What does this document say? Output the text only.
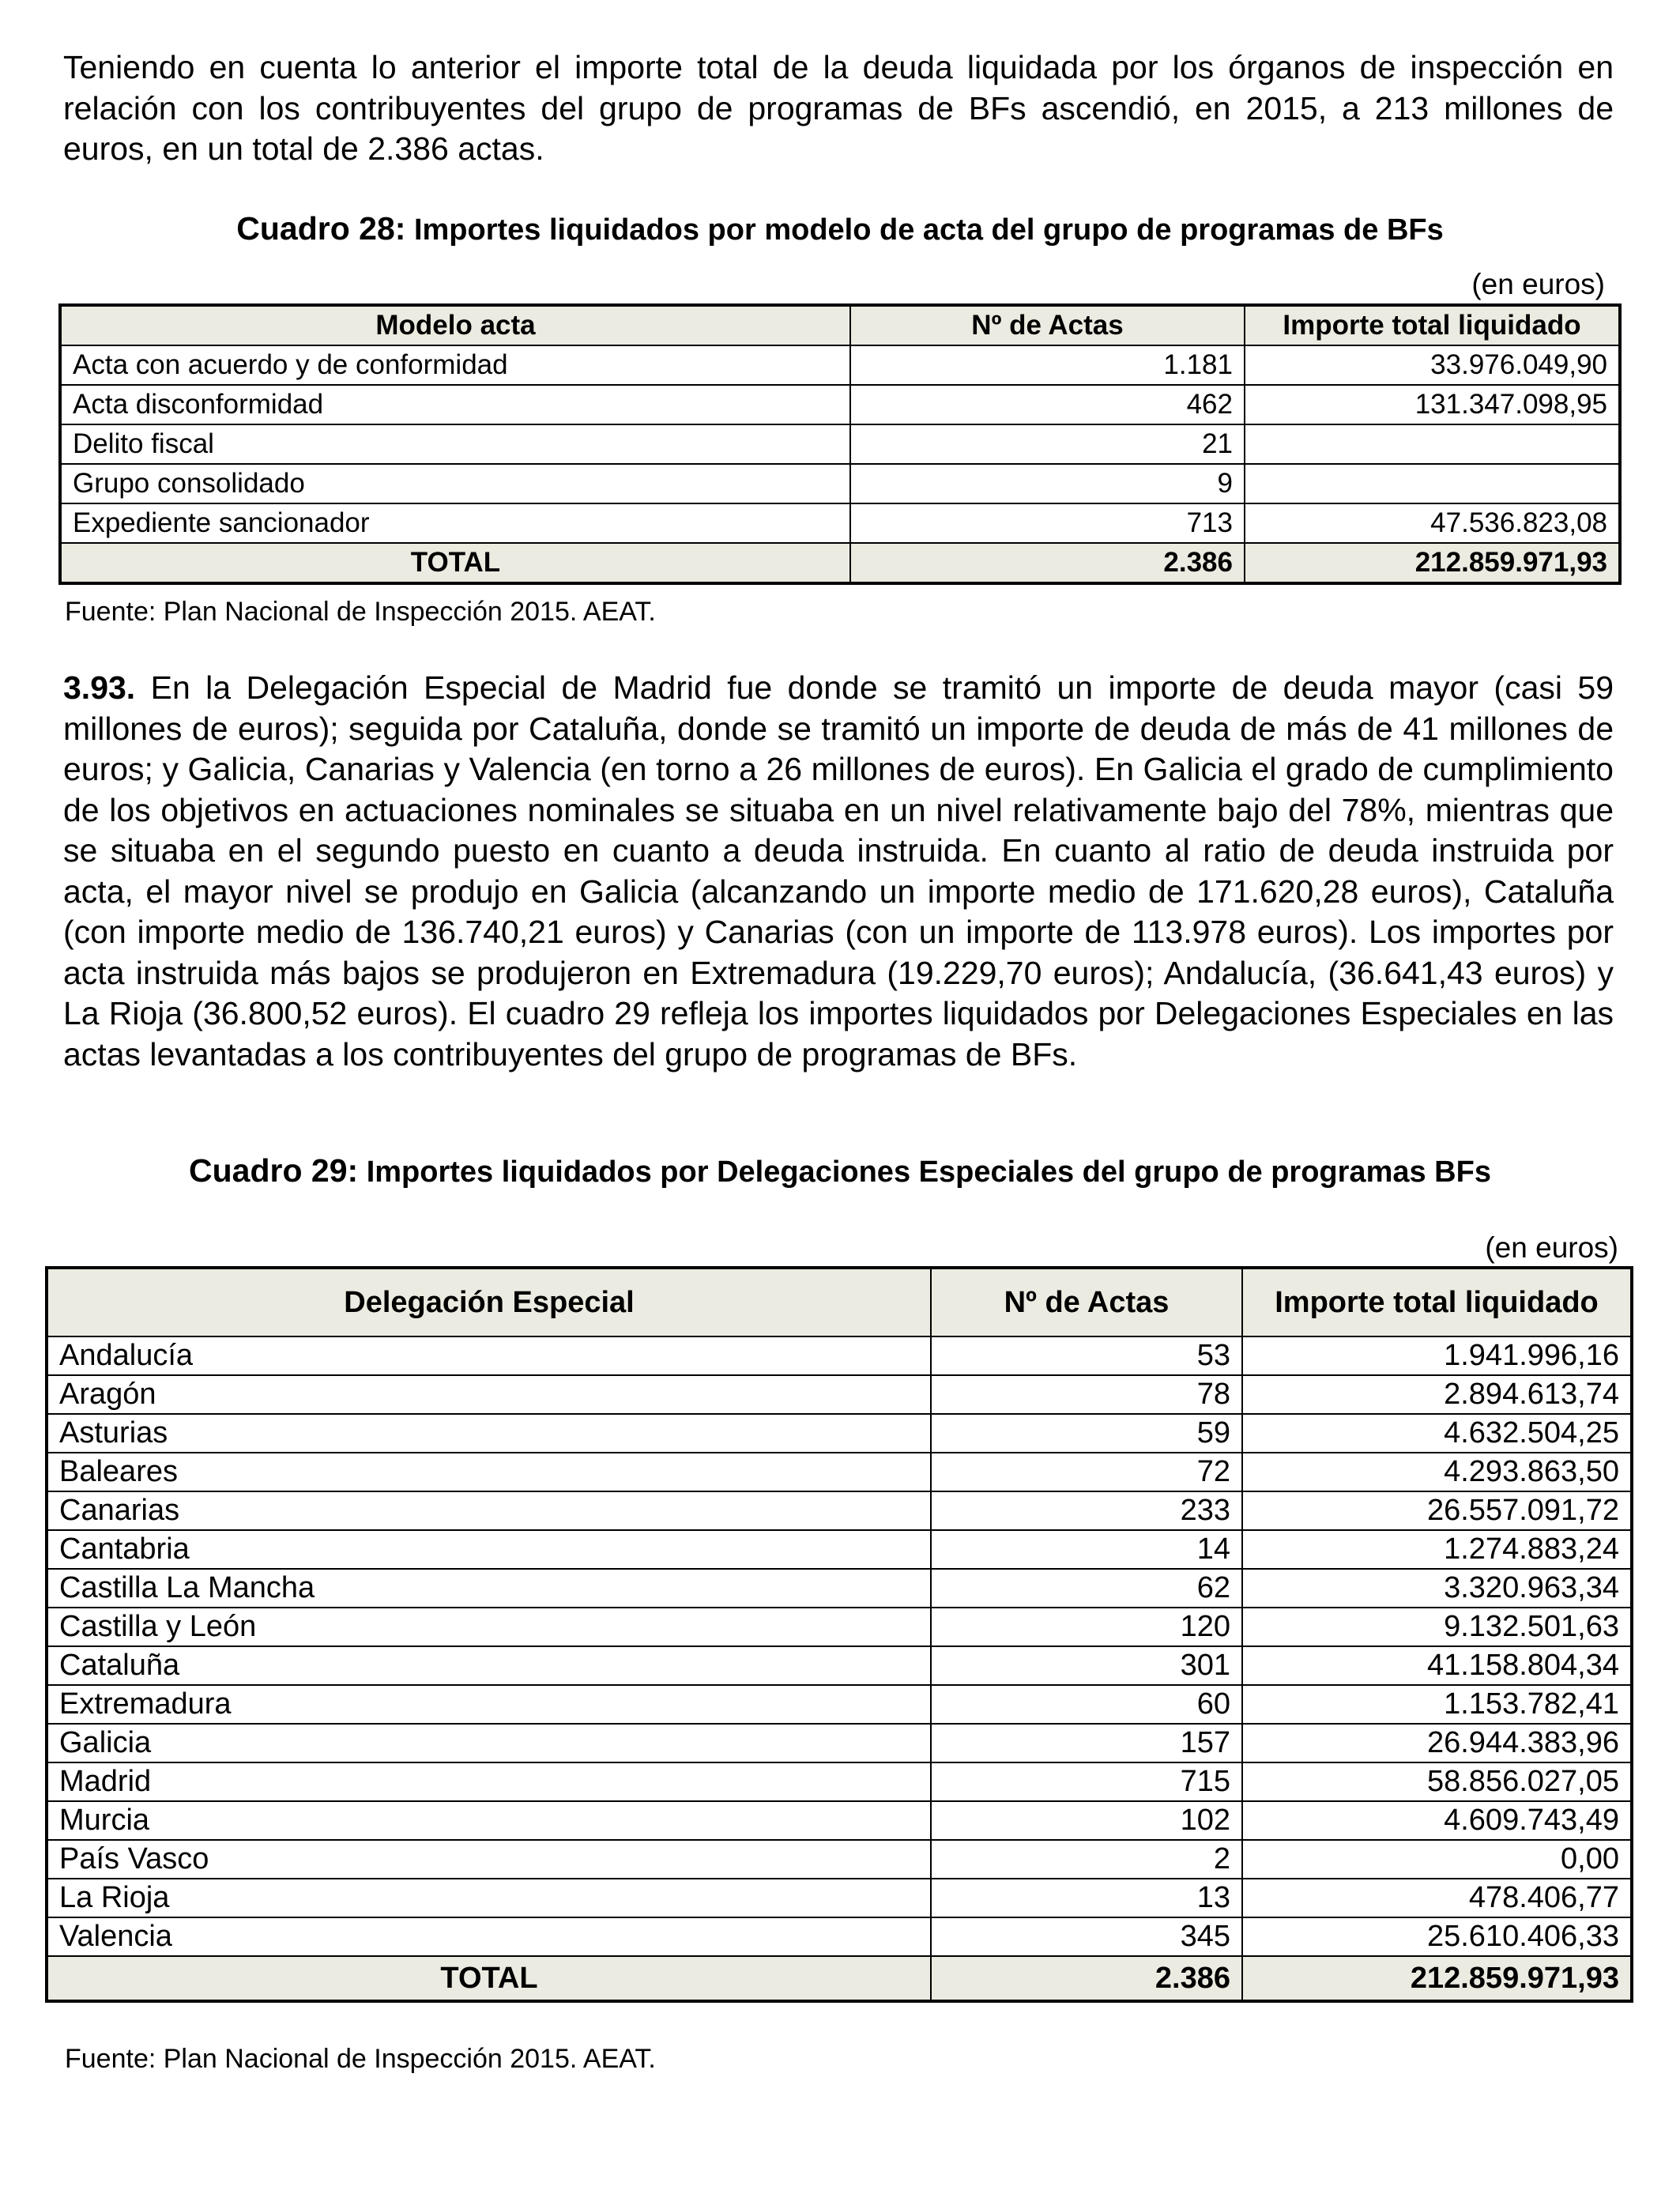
Teniendo en cuenta lo anterior el importe total de la deuda liquidada por los órganos de inspección en relación con los contribuyentes del grupo de programas de BFs ascendió, en 2015, a 213 millones de euros, en un total de 2.386 actas.

Cuadro 28: Importes liquidados por modelo de acta del grupo de programas de BFs

(en euros)

Modelo acta	Nº de Actas	Importe total liquidado
Acta con acuerdo y de conformidad	1.181	33.976.049,90
Acta disconformidad	462	131.347.098,95
Delito fiscal	21	
Grupo consolidado	9	
Expediente sancionador	713	47.536.823,08
TOTAL	2.386	212.859.971,93

Fuente: Plan Nacional de Inspección 2015. AEAT.

3.93. En la Delegación Especial de Madrid fue donde se tramitó un importe de deuda mayor (casi 59 millones de euros); seguida por Cataluña, donde se tramitó un importe de deuda de más de 41 millones de euros; y Galicia, Canarias y Valencia (en torno a 26 millones de euros). En Galicia el grado de cumplimiento de los objetivos en actuaciones nominales se situaba en un nivel relativamente bajo del 78%, mientras que se situaba en el segundo puesto en cuanto a deuda instruida. En cuanto al ratio de deuda instruida por acta, el mayor nivel se produjo en Galicia (alcanzando un importe medio de 171.620,28 euros), Cataluña (con importe medio de 136.740,21 euros) y Canarias (con un importe de 113.978 euros). Los importes por acta instruida más bajos se produjeron en Extremadura (19.229,70 euros); Andalucía, (36.641,43 euros) y La Rioja (36.800,52 euros). El cuadro 29 refleja los importes liquidados por Delegaciones Especiales en las actas levantadas a los contribuyentes del grupo de programas de BFs.

Cuadro 29: Importes liquidados por Delegaciones Especiales del grupo de programas BFs

(en euros)

Delegación Especial	Nº de Actas	Importe total liquidado
Andalucía	53	1.941.996,16
Aragón	78	2.894.613,74
Asturias	59	4.632.504,25
Baleares	72	4.293.863,50
Canarias	233	26.557.091,72
Cantabria	14	1.274.883,24
Castilla La Mancha	62	3.320.963,34
Castilla y León	120	9.132.501,63
Cataluña	301	41.158.804,34
Extremadura	60	1.153.782,41
Galicia	157	26.944.383,96
Madrid	715	58.856.027,05
Murcia	102	4.609.743,49
País Vasco	2	0,00
La Rioja	13	478.406,77
Valencia	345	25.610.406,33
TOTAL	2.386	212.859.971,93

Fuente: Plan Nacional de Inspección 2015. AEAT.
